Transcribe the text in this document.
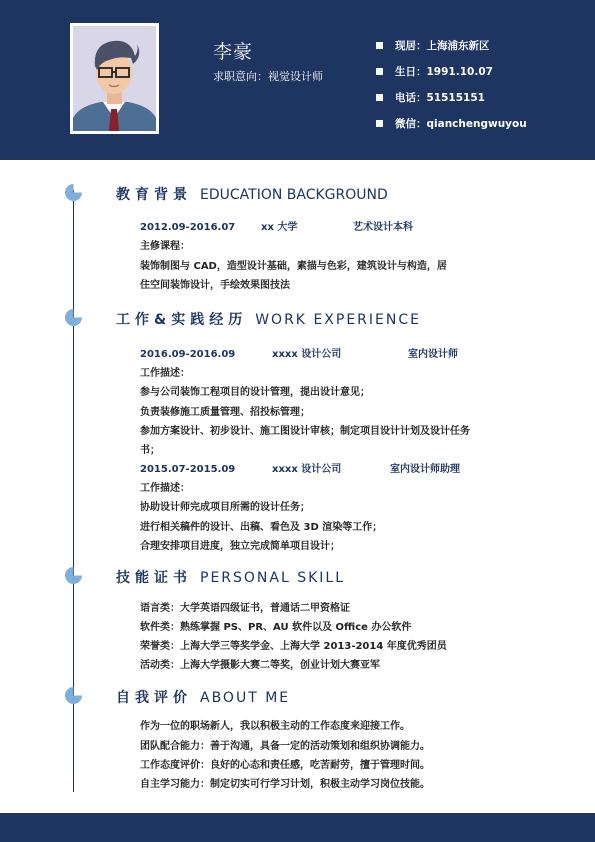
李豪
求职意向：视觉设计师
现居：上海浦东新区
生日：1991.10.07
电话：51515151
微信：qianchengwuyou
教育背景 EDUCATION BACKGROUND
2012.09-2016.07	xx 大学	艺术设计本科
主修课程：
装饰制图与 CAD，造型设计基础，素描与色彩，建筑设计与构造，居
住空间装饰设计，手绘效果图技法
工作&实践经历 WORK EXPERIENCE
2016.09-2016.09	xxxx 设计公司	室内设计师
工作描述：
参与公司装饰工程项目的设计管理，提出设计意见；
负责装修施工质量管理、招投标管理；
参加方案设计、初步设计、施工图设计审核；制定项目设计计划及设计任务
书；
2015.07-2015.09	xxxx 设计公司	室内设计师助理
工作描述：
协助设计师完成项目所需的设计任务；
进行相关稿件的设计、出稿、看色及 3D 渲染等工作；
合理安排项目进度，独立完成简单项目设计；
技能证书 PERSONAL SKILL
语言类：大学英语四级证书，普通话二甲资格证
软件类：熟练掌握 PS、PR、AU 软件以及 Office 办公软件
荣誉类：上海大学三等奖学金、上海大学 2013-2014 年度优秀团员
活动类：上海大学摄影大赛二等奖，创业计划大赛亚军
自我评价 ABOUT ME
作为一位的职场新人，我以积极主动的工作态度来迎接工作。
团队配合能力：善于沟通，具备一定的活动策划和组织协调能力。
工作态度评价：良好的心态和责任感，吃苦耐劳，擅于管理时间。
自主学习能力：制定切实可行学习计划，积极主动学习岗位技能。
